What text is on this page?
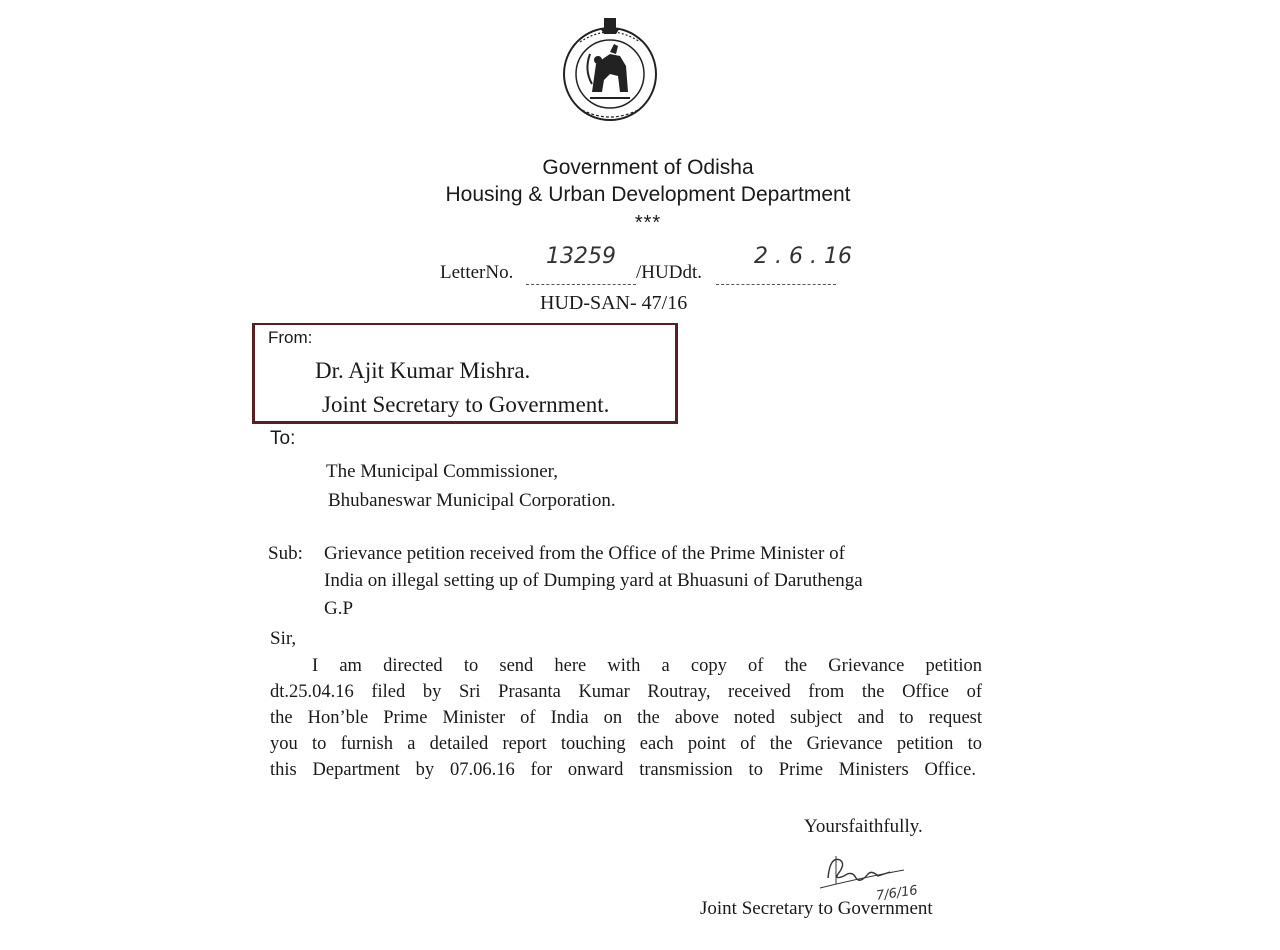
Government of Odisha
Housing & Urban Development Department
***
LetterNo.
13259
/HUDdt.
2 . 6 . 16
HUD-SAN- 47/16
From:
Dr. Ajit Kumar Mishra.
Joint Secretary to Government.
To:
The Municipal Commissioner,
Bhubaneswar Municipal Corporation.
Sub: Grievance petition received from the Office of the Prime Minister of
India on illegal setting up of Dumping yard at Bhuasuni of Daruthenga
G.P
Sir,
I am directed to send here with a copy of the Grievance petition
dt.25.04.16 filed by Sri Prasanta Kumar Routray, received from the Office of
the Hon’ble Prime Minister of India on the above noted subject and to request
you to furnish a detailed report touching each point of the Grievance petition to
this Department by 07.06.16 for onward transmission to Prime Ministers Office.
Yoursfaithfully.
7/6/16
Joint Secretary to Government
